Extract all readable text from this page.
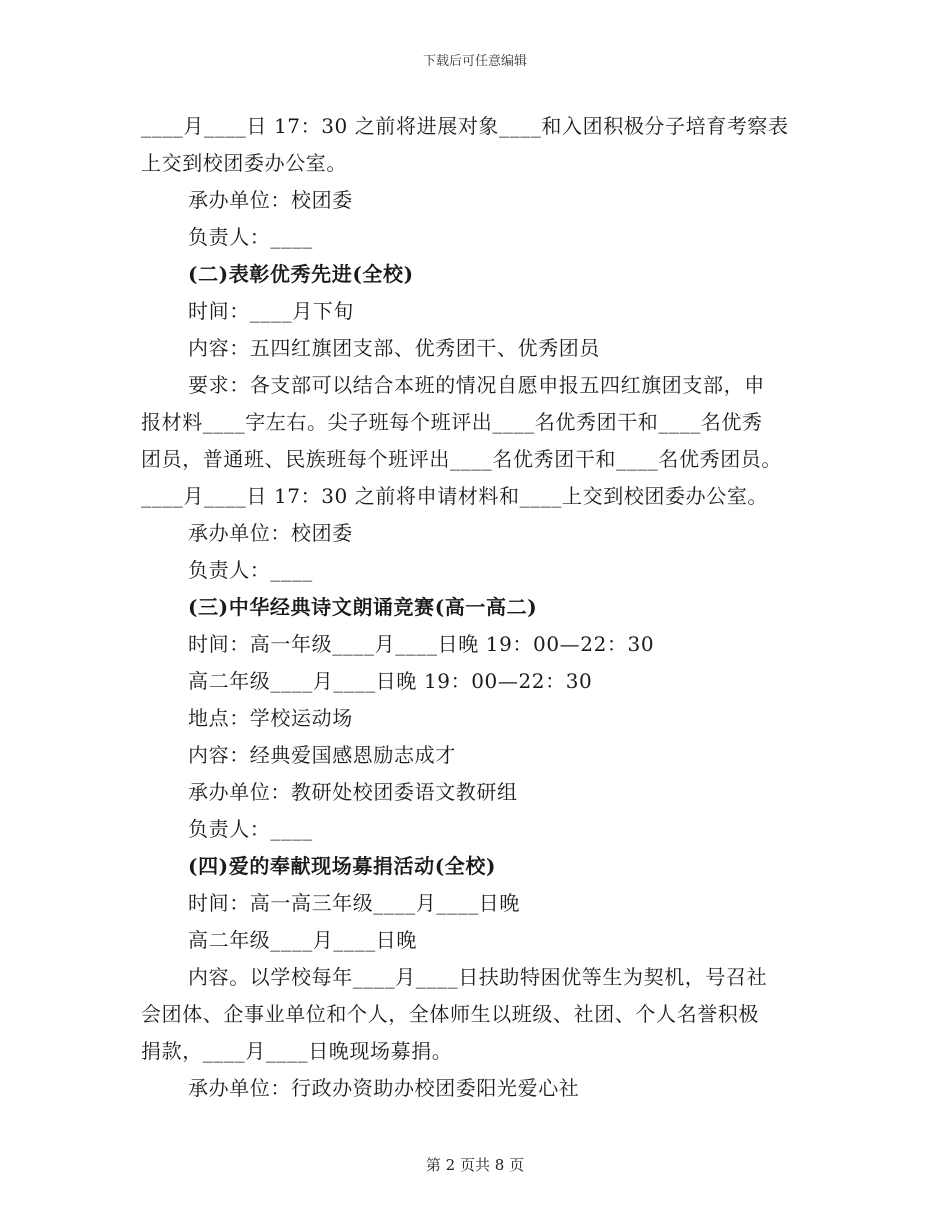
下载后可任意编辑
____月____日 17：30 之前将进展对象____和入团积极分子培育考察表
上交到校团委办公室。
承办单位：校团委
负责人：____
(二)表彰优秀先进(全校)
时间：____月下旬
内容：五四红旗团支部、优秀团干、优秀团员
要求：各支部可以结合本班的情况自愿申报五四红旗团支部，申
报材料____字左右。尖子班每个班评出____名优秀团干和____名优秀
团员，普通班、民族班每个班评出____名优秀团干和____名优秀团员。
____月____日 17：30 之前将申请材料和____上交到校团委办公室。
承办单位：校团委
负责人：____
(三)中华经典诗文朗诵竞赛(高一高二)
时间：高一年级____月____日晚 19：00—22：30
高二年级____月____日晚 19：00—22：30
地点：学校运动场
内容：经典爱国感恩励志成才
承办单位：教研处校团委语文教研组
负责人：____
(四)爱的奉献现场募捐活动(全校)
时间：高一高三年级____月____日晚
高二年级____月____日晚
内容。以学校每年____月____日扶助特困优等生为契机，号召社
会团体、企事业单位和个人，全体师生以班级、社团、个人名誉积极
捐款，____月____日晚现场募捐。
承办单位：行政办资助办校团委阳光爱心社
第 2 页共 8 页
